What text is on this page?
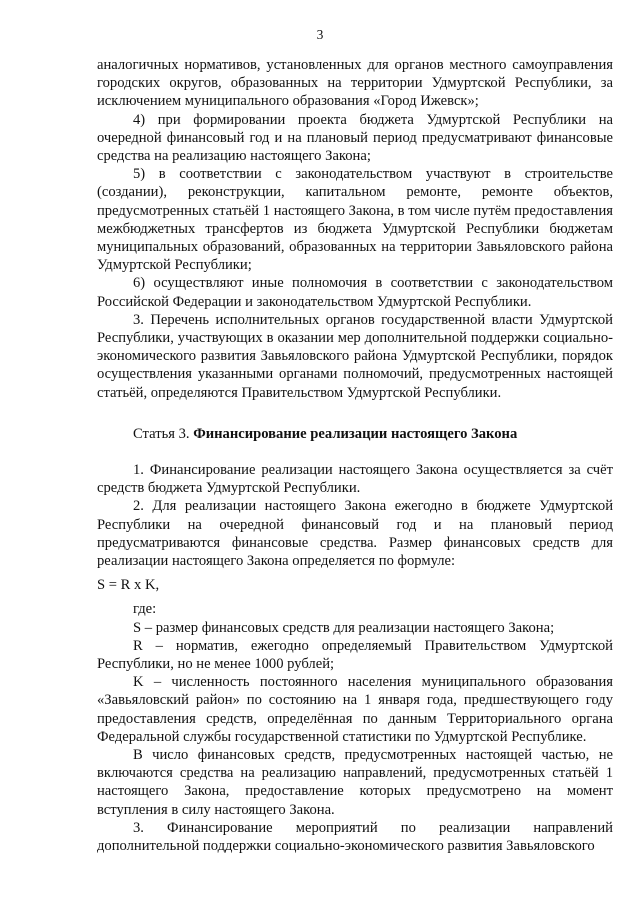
3

аналогичных нормативов, установленных для органов местного самоуправления городских округов, образованных на территории Удмуртской Республики, за исключением муниципального образования «Город Ижевск»;

4) при формировании проекта бюджета Удмуртской Республики на очередной финансовый год и на плановый период предусматривают финансовые средства на реализацию настоящего Закона;

5) в соответствии с законодательством участвуют в строительстве (создании), реконструкции, капитальном ремонте, ремонте объектов, предусмотренных статьёй 1 настоящего Закона, в том числе путём предоставления межбюджетных трансфертов из бюджета Удмуртской Республики бюджетам муниципальных образований, образованных на территории Завьяловского района Удмуртской Республики;

6) осуществляют иные полномочия в соответствии с законодательством Российской Федерации и законодательством Удмуртской Республики.

3. Перечень исполнительных органов государственной власти Удмуртской Республики, участвующих в оказании мер дополнительной поддержки социально-экономического развития Завьяловского района Удмуртской Республики, порядок осуществления указанными органами полномочий, предусмотренных настоящей статьёй, определяются Правительством Удмуртской Республики.

Статья 3. Финансирование реализации настоящего Закона

1. Финансирование реализации настоящего Закона осуществляется за счёт средств бюджета Удмуртской Республики.

2. Для реализации настоящего Закона ежегодно в бюджете Удмуртской Республики на очередной финансовый год и на плановый период предусматриваются финансовые средства. Размер финансовых средств для реализации настоящего Закона определяется по формуле:

S = R x K,

где:

S – размер финансовых средств для реализации настоящего Закона;

R – норматив, ежегодно определяемый Правительством Удмуртской Республики, но не менее 1000 рублей;

K – численность постоянного населения муниципального образования «Завьяловский район» по состоянию на 1 января года, предшествующего году предоставления средств, определённая по данным Территориального органа Федеральной службы государственной статистики по Удмуртской Республике.

В число финансовых средств, предусмотренных настоящей частью, не включаются средства на реализацию направлений, предусмотренных статьёй 1 настоящего Закона, предоставление которых предусмотрено на момент вступления в силу настоящего Закона.

3. Финансирование мероприятий по реализации направлений дополнительной поддержки социально-экономического развития Завьяловского
